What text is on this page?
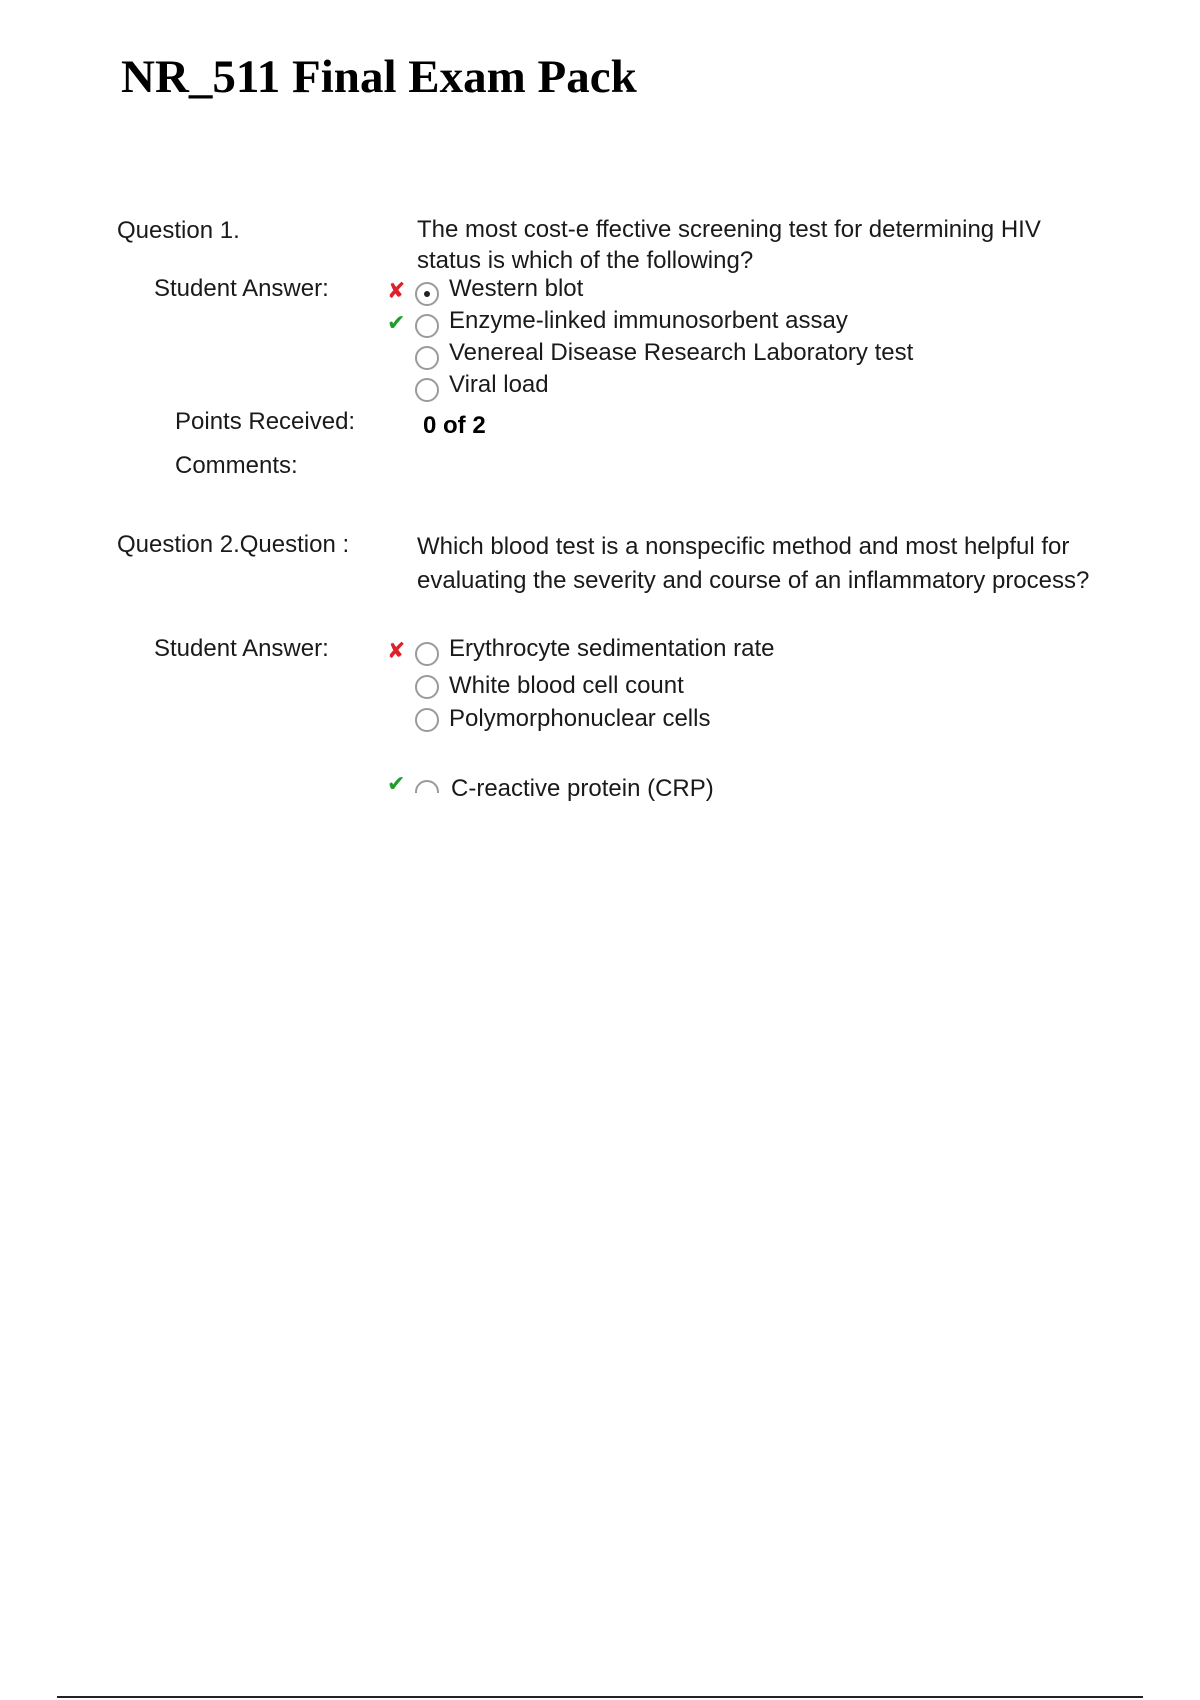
NR_511 Final Exam Pack
Question 1.	The most cost-e ffective screening test for determining HIV status is which of the following?
Student Answer:	✘ Western blot
✔ Enzyme-linked immunosorbent assay
Venereal Disease Research Laboratory test
Viral load
Points Received:	0 of 2
Comments:
Question 2.Question :	Which blood test is a nonspecific method and most helpful for evaluating the severity and course of an inflammatory process?
Student Answer:	✘ Erythrocyte sedimentation rate
White blood cell count
Polymorphonuclear cells
✔ C-reactive protein (CRP)
